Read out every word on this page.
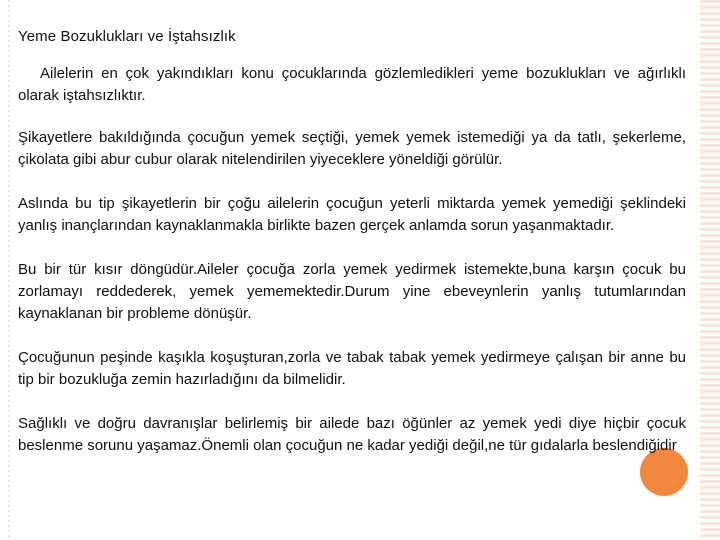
Yeme Bozuklukları ve İştahsızlık

Ailelerin en çok yakındıkları konu çocuklarında gözlemledikleri yeme bozuklukları ve ağırlıklı olarak iştahsızlıktır.

Şikayetlere bakıldığında çocuğun yemek seçtiği, yemek yemek istemediği ya da tatlı, şekerleme, çikolata gibi abur cubur olarak nitelendirilen yiyeceklere yöneldiği görülür.

Aslında bu tip şikayetlerin bir çoğu ailelerin çocuğun yeterli miktarda yemek yemediği şeklindeki yanlış inançlarından kaynaklanmakla birlikte bazen gerçek anlamda sorun yaşanmaktadır.

Bu bir tür kısır döngüdür.Aileler çocuğa zorla yemek yedirmek istemekte,buna karşın çocuk bu zorlamayı reddederek, yemek yememektedir.Durum yine ebeveynlerin yanlış tutumlarından kaynaklanan bir probleme dönüşür.

Çocuğunun peşinde kaşıkla koşuşturan,zorla ve tabak tabak yemek yedirmeye çalışan bir anne bu tip bir bozukluğa zemin hazırladığını da bilmelidir.

Sağlıklı ve doğru davranışlar belirlemiş bir ailede bazı öğünler az yemek yedi diye hiçbir çocuk beslenme sorunu yaşamaz.Önemli olan çocuğun ne kadar yediği değil,ne tür gıdalarla beslendiğidir
